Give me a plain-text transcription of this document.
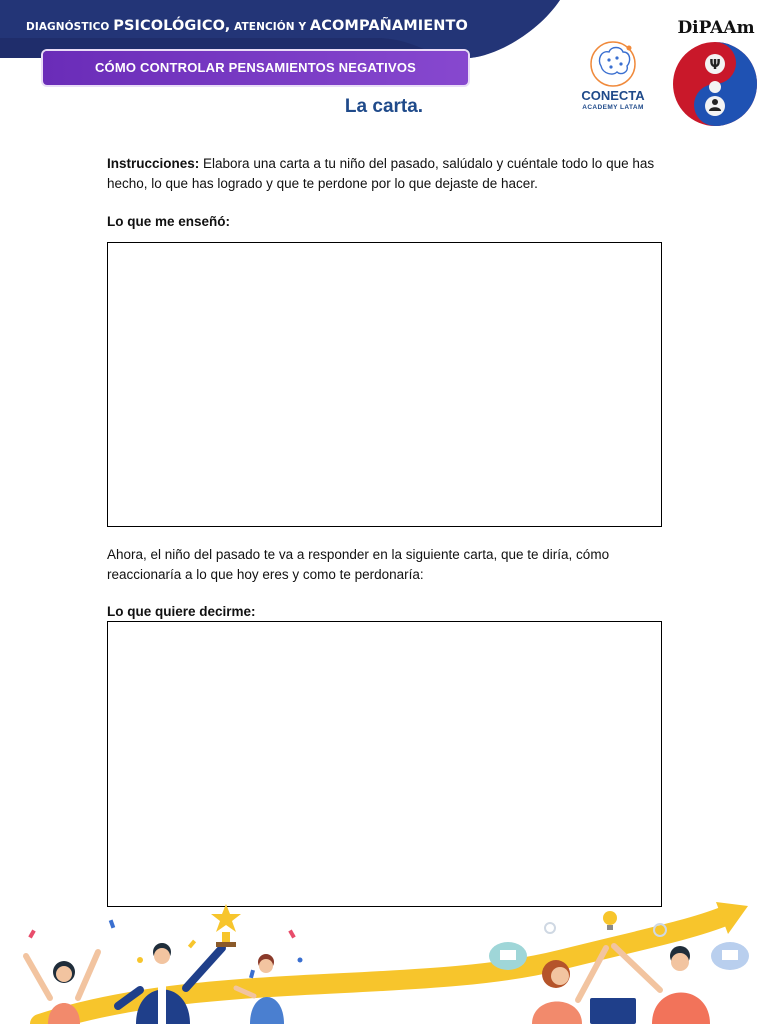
DIAGNÓSTICO PSICOLÓGICO, ATENCIÓN Y ACOMPAÑAMIENTO
CÓMO CONTROLAR PENSAMIENTOS NEGATIVOS
La carta.
CONECTA
ACADEMY LATAM
DiPAAm
Ψ
Instrucciones: Elabora una carta a tu niño del pasado, salúdalo y cuéntale todo lo que has
hecho, lo que has logrado y que te perdone por lo que dejaste de hacer.
Lo que me enseñó:
Ahora, el niño del pasado te va a responder en la siguiente carta, que te diría, cómo
reaccionaría a lo que hoy eres y como te perdonaría:
Lo que quiere decirme:
